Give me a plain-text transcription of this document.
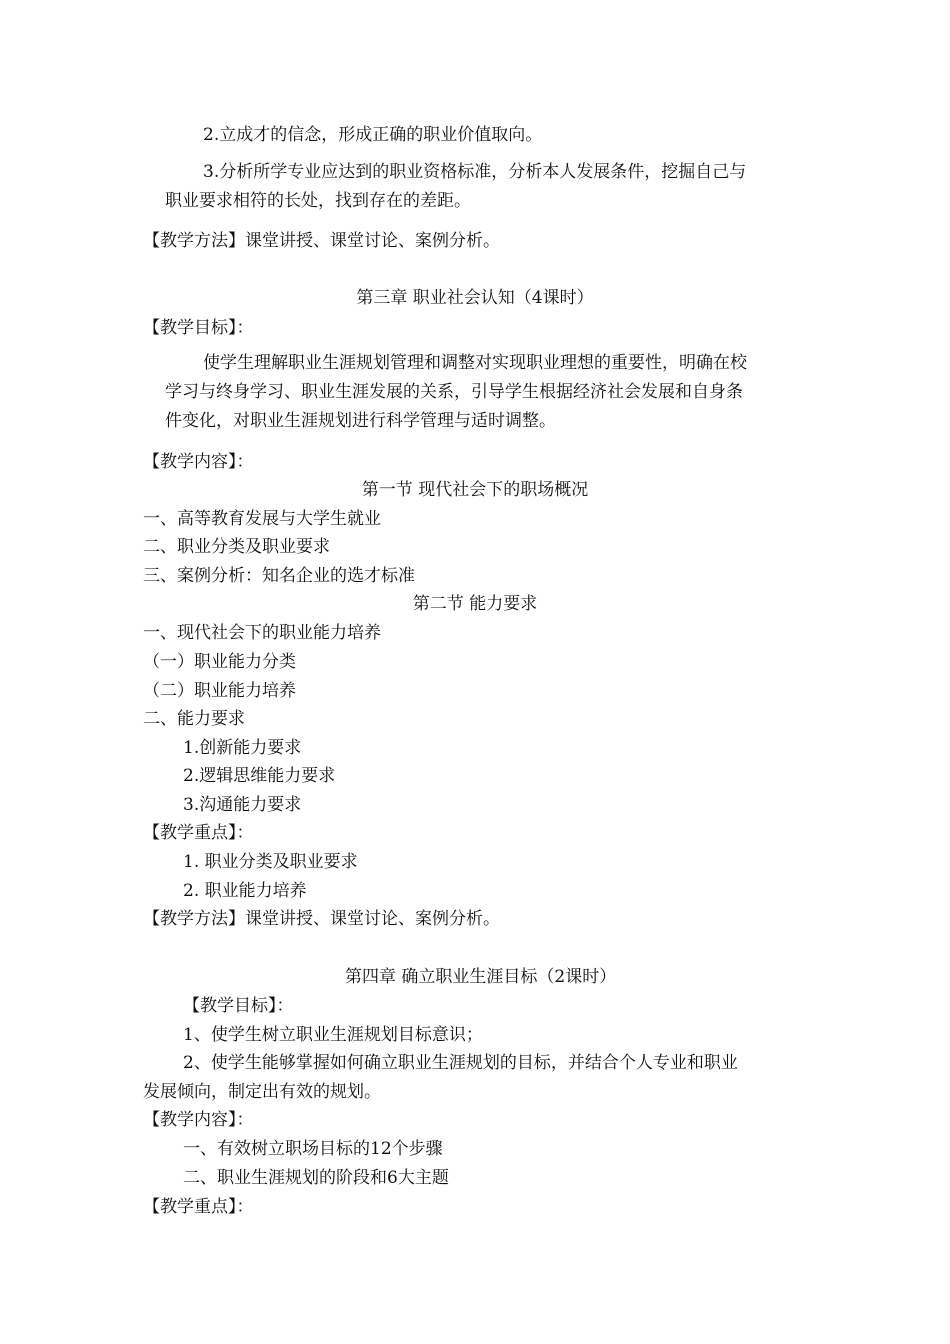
2.立成才的信念，形成正确的职业价值取向。
3.分析所学专业应达到的职业资格标准，分析本人发展条件，挖掘自己与
职业要求相符的长处，找到存在的差距。
【教学方法】课堂讲授、课堂讨论、案例分析。
第三章 职业社会认知（4课时）
【教学目标】：
使学生理解职业生涯规划管理和调整对实现职业理想的重要性，明确在校
学习与终身学习、职业生涯发展的关系，引导学生根据经济社会发展和自身条
件变化，对职业生涯规划进行科学管理与适时调整。
【教学内容】：
第一节 现代社会下的职场概况
一、高等教育发展与大学生就业
二、职业分类及职业要求
三、案例分析：知名企业的选才标准
第二节 能力要求
一、现代社会下的职业能力培养
（一）职业能力分类
（二）职业能力培养
二、能力要求
1.创新能力要求
2.逻辑思维能力要求
3.沟通能力要求
【教学重点】：
1. 职业分类及职业要求
2. 职业能力培养
【教学方法】课堂讲授、课堂讨论、案例分析。
第四章 确立职业生涯目标（2课时）
【教学目标】：
1、使学生树立职业生涯规划目标意识；
2、使学生能够掌握如何确立职业生涯规划的目标，并结合个人专业和职业
发展倾向，制定出有效的规划。
【教学内容】：
一、有效树立职场目标的12个步骤
二、职业生涯规划的阶段和6大主题
【教学重点】：
